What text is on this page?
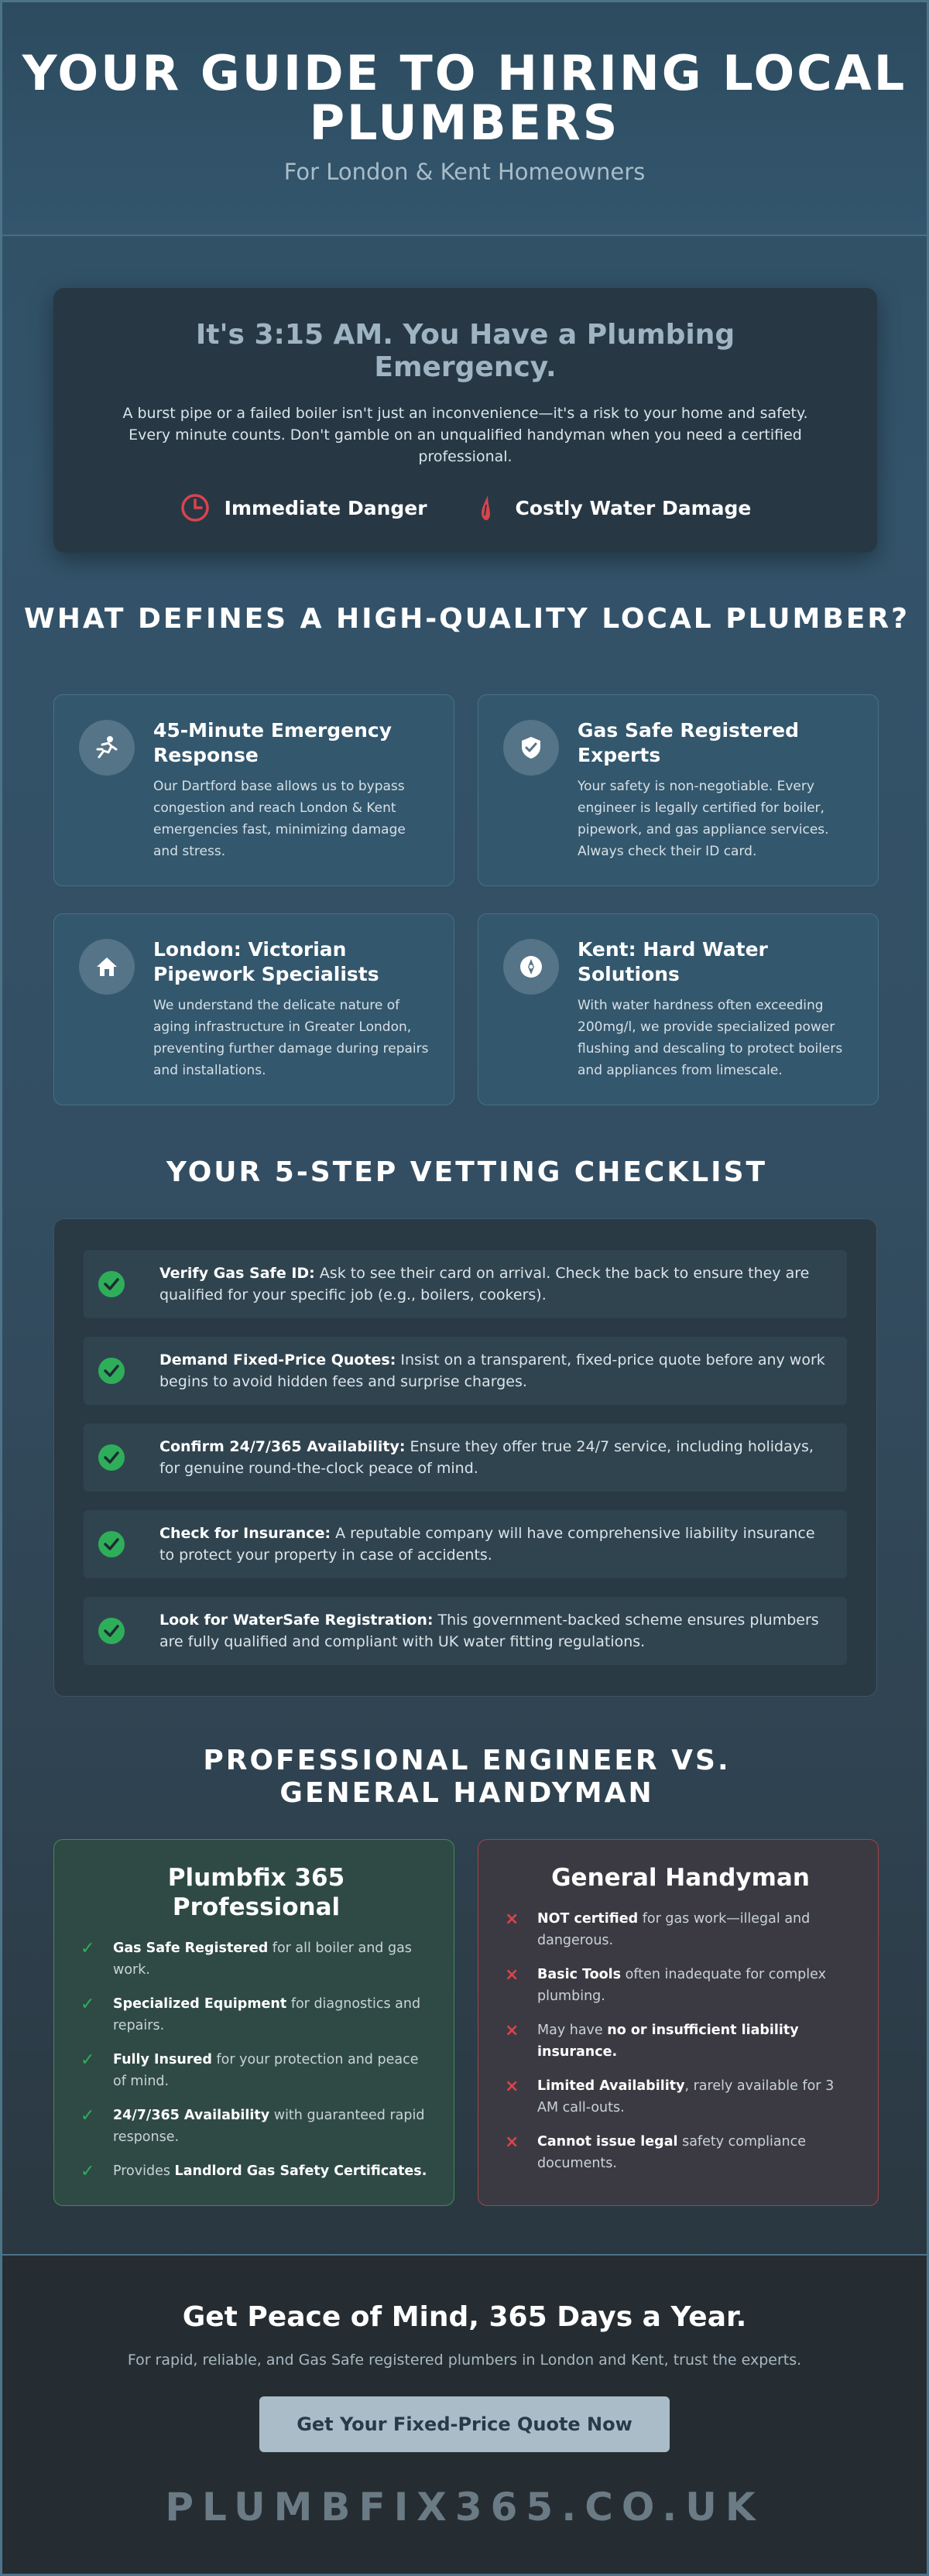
YOUR GUIDE TO HIRING LOCAL PLUMBERS
For London & Kent Homeowners
It's 3:15 AM. You Have a Plumbing Emergency.

A burst pipe or a failed boiler isn't just an inconvenience—it's a risk to your home and safety. Every minute counts. Don't gamble on an unqualified handyman when you need a certified professional.

Immediate Danger	Costly Water Damage
WHAT DEFINES A HIGH-QUALITY LOCAL PLUMBER?
45-Minute Emergency Response

Our Dartford base allows us to bypass congestion and reach London & Kent emergencies fast, minimizing damage and stress.

Gas Safe Registered Experts

Your safety is non-negotiable. Every engineer is legally certified for boiler, pipework, and gas appliance services. Always check their ID card.

London: Victorian Pipework Specialists

We understand the delicate nature of aging infrastructure in Greater London, preventing further damage during repairs and installations.

Kent: Hard Water Solutions

With water hardness often exceeding 200mg/l, we provide specialized power flushing and descaling to protect boilers and appliances from limescale.

YOUR 5-STEP VETTING CHECKLIST
Verify Gas Safe ID: Ask to see their card on arrival. Check the back to ensure they are qualified for your specific job (e.g., boilers, cookers).
Demand Fixed-Price Quotes: Insist on a transparent, fixed-price quote before any work begins to avoid hidden fees and surprise charges.
Confirm 24/7/365 Availability: Ensure they offer true 24/7 service, including holidays, for genuine round-the-clock peace of mind.
Check for Insurance: A reputable company will have comprehensive liability insurance to protect your property in case of accidents.
Look for WaterSafe Registration: This government-backed scheme ensures plumbers are fully qualified and compliant with UK water fitting regulations.
PROFESSIONAL ENGINEER VS. GENERAL HANDYMAN
Plumbfix 365 Professional
✓ Gas Safe Registered for all boiler and gas work.
✓ Specialized Equipment for diagnostics and repairs.
✓ Fully Insured for your protection and peace of mind.
✓ 24/7/365 Availability with guaranteed rapid response.
✓ Provides Landlord Gas Safety Certificates.
General Handyman
× NOT certified for gas work—illegal and dangerous.
× Basic Tools often inadequate for complex plumbing.
× May have no or insufficient liability insurance.
× Limited Availability, rarely available for 3 AM call-outs.
× Cannot issue legal safety compliance documents.
Get Peace of Mind, 365 Days a Year.

For rapid, reliable, and Gas Safe registered plumbers in London and Kent, trust the experts.

Get Your Fixed-Price Quote Now
PLUMBFIX365.CO.UK
